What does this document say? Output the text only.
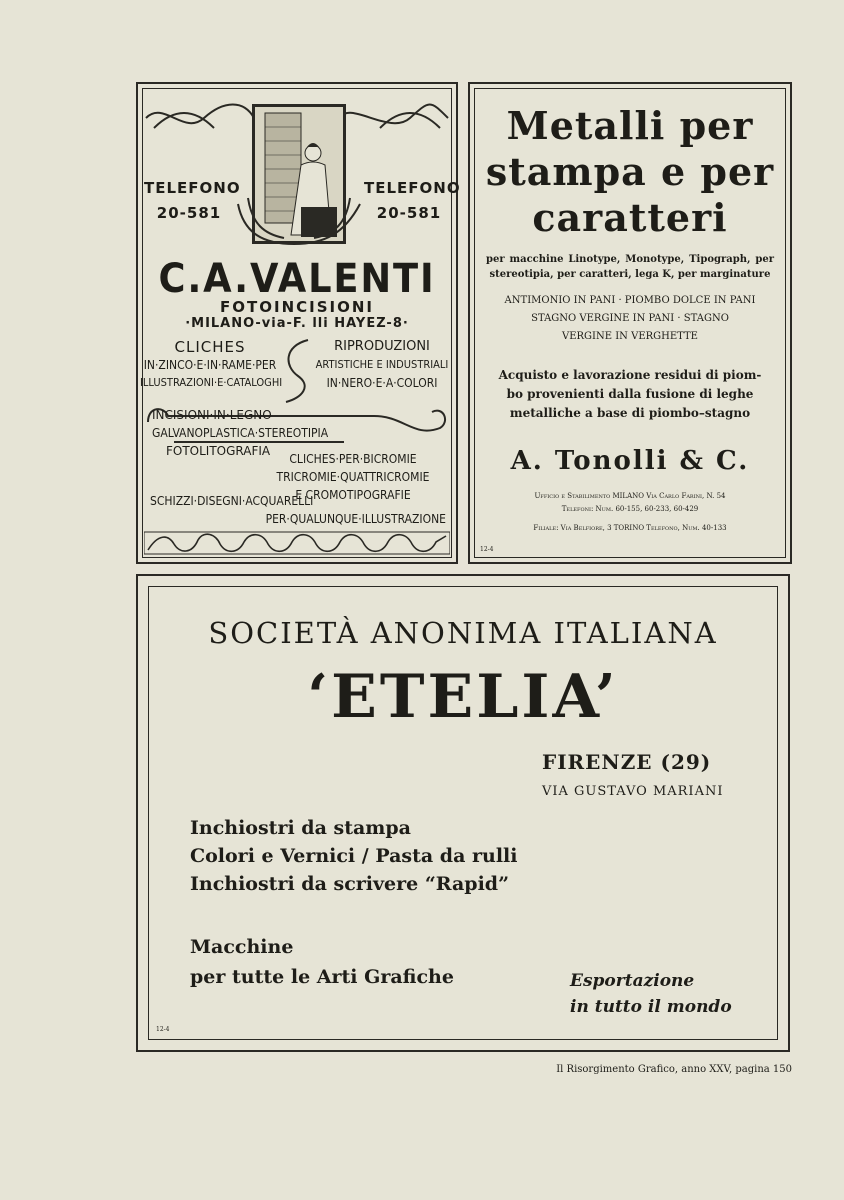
TELEFONO
20-581
TELEFONO
20-581
C.A.VALENTI
FOTOINCISIONI
·MILANO-via-F. lli HAYEZ-8·
CLICHES
IN·ZINCO·E·IN·RAME·PER
ILLUSTRAZIONI·E·CATALOGHI
RIPRODUZIONI
ARTISTICHE E INDUSTRIALI
IN·NERO·E·A·COLORI
INCISIONI·IN·LEGNO
GALVANOPLASTICA·STEREOTIPIA
FOTOLITOGRAFIA
CLICHES·PER·BICROMIE
TRICROMIE·QUATTRICROMIE
E CROMOTIPOGRAFIE
SCHIZZI·DISEGNI·ACQUARELLI
PER·QUALUNQUE·ILLUSTRAZIONE
Metalli per
stampa e per
caratteri
per macchine Linotype, Monotype, Tipograph, per stereotipia, per caratteri, lega K, per marginature
ANTIMONIO IN PANI · PIOMBO DOLCE IN PANI
STAGNO VERGINE IN PANI · STAGNO
VERGINE IN VERGHETTE
Acquisto e lavorazione residui di piom-
bo provenienti dalla fusione di leghe
metalliche a base di piombo–stagno
A. Tonolli & C.
Ufficio e Stabilimento MILANO Via Carlo Farini, N. 54
Telefoni: Num. 60-155, 60-233, 60-429
Filiale: Via Belfiore, 3 TORINO Telefono, Num. 40-133
12-4
SOCIETÀ ANONIMA ITALIANA
‘ETELIA’
FIRENZE (29)
VIA GUSTAVO MARIANI
Inchiostri da stampa
Colori e Vernici ∕ Pasta da rulli
Inchiostri da scrivere “Rapid”
Macchine
per tutte le Arti Grafiche	Esportazione
in tutto il mondo
12-4
Il Risorgimento Grafico, anno XXV, pagina 150
